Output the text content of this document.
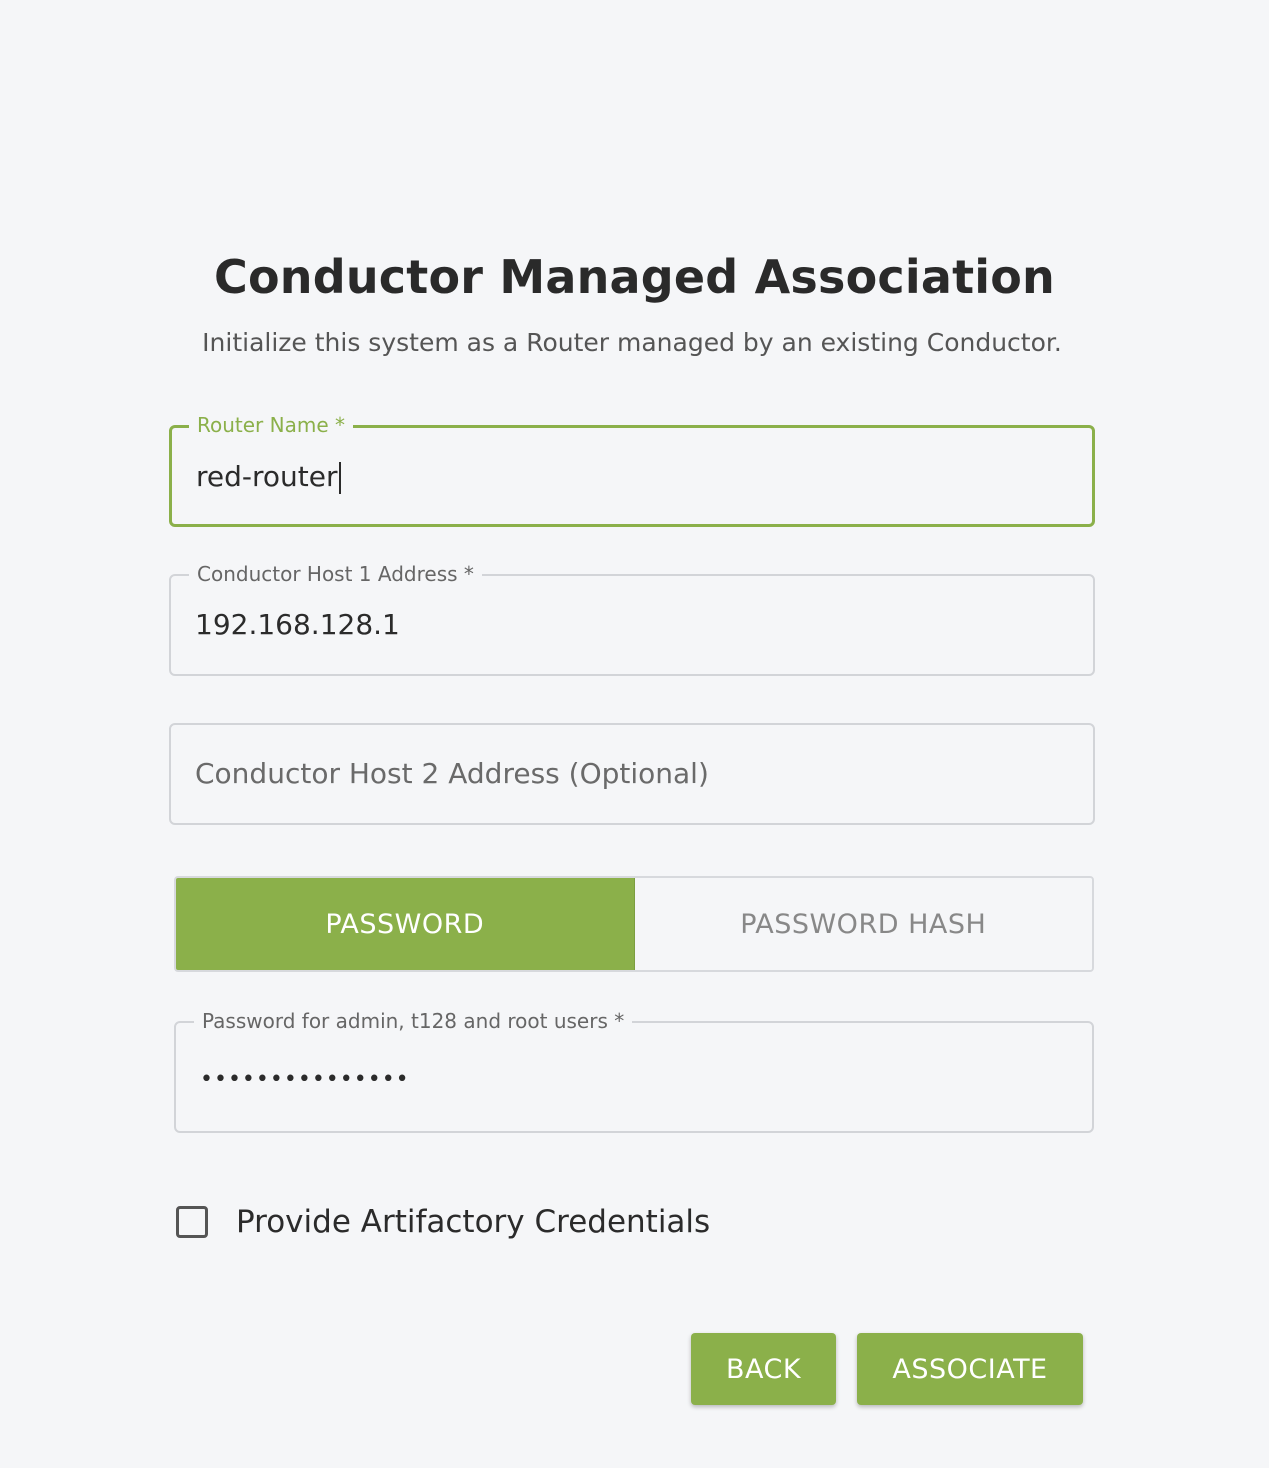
Conductor Managed Association
Initialize this system as a Router managed by an existing Conductor.
Router Name *
red-router
Conductor Host 1 Address *
192.168.128.1
Conductor Host 2 Address (Optional)
PASSWORD	PASSWORD HASH
Password for admin, t128 and root users *
•••••••••••••••
Provide Artifactory Credentials
BACK	ASSOCIATE
